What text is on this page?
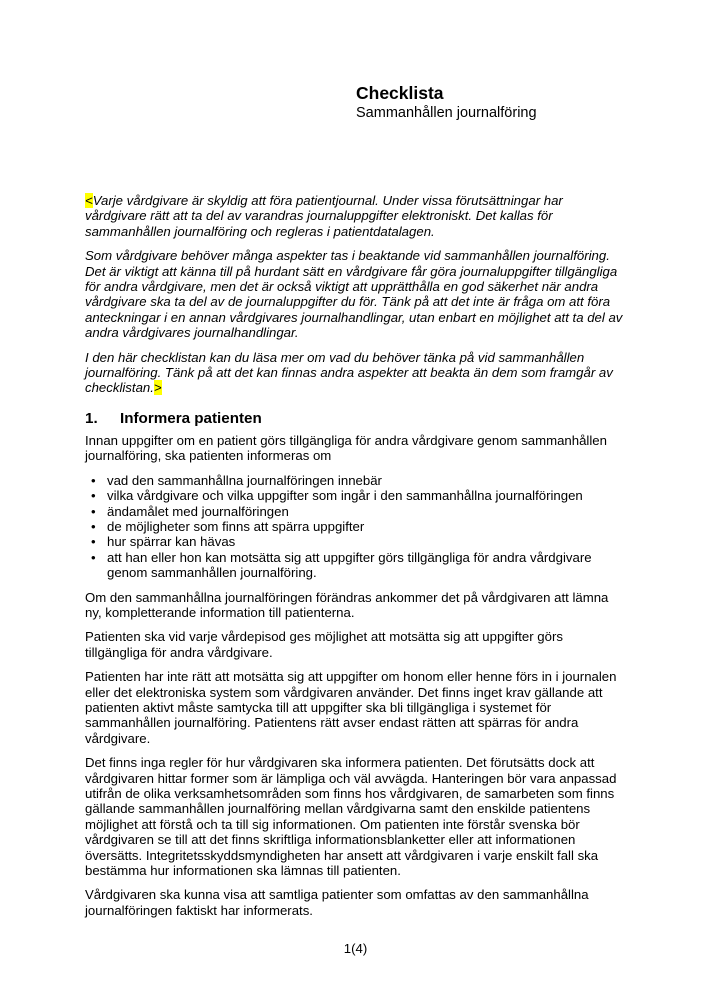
Checklista
Sammanhållen journalföring

<Varje vårdgivare är skyldig att föra patientjournal. Under vissa förutsättningar har vårdgivare rätt att ta del av varandras journaluppgifter elektroniskt. Det kallas för sammanhållen journalföring och regleras i patientdatalagen.

Som vårdgivare behöver många aspekter tas i beaktande vid sammanhållen journalföring. Det är viktigt att känna till på hurdant sätt en vårdgivare får göra journaluppgifter tillgängliga för andra vårdgivare, men det är också viktigt att upprätthålla en god säkerhet när andra vårdgivare ska ta del av de journaluppgifter du för. Tänk på att det inte är fråga om att föra anteckningar i en annan vårdgivares journalhandlingar, utan enbart en möjlighet att ta del av andra vårdgivares journalhandlingar.

I den här checklistan kan du läsa mer om vad du behöver tänka på vid sammanhållen journalföring. Tänk på att det kan finnas andra aspekter att beakta än dem som framgår av checklistan.>

1.	Informera patienten

Innan uppgifter om en patient görs tillgängliga för andra vårdgivare genom sammanhållen journalföring, ska patienten informeras om

• vad den sammanhållna journalföringen innebär
• vilka vårdgivare och vilka uppgifter som ingår i den sammanhållna journalföringen
• ändamålet med journalföringen
• de möjligheter som finns att spärra uppgifter
• hur spärrar kan hävas
• att han eller hon kan motsätta sig att uppgifter görs tillgängliga för andra vårdgivare genom sammanhållen journalföring.

Om den sammanhållna journalföringen förändras ankommer det på vårdgivaren att lämna ny, kompletterande information till patienterna.

Patienten ska vid varje vårdepisod ges möjlighet att motsätta sig att uppgifter görs tillgängliga för andra vårdgivare.

Patienten har inte rätt att motsätta sig att uppgifter om honom eller henne förs in i journalen eller det elektroniska system som vårdgivaren använder. Det finns inget krav gällande att patienten aktivt måste samtycka till att uppgifter ska bli tillgängliga i systemet för sammanhållen journalföring. Patientens rätt avser endast rätten att spärras för andra vårdgivare.

Det finns inga regler för hur vårdgivaren ska informera patienten. Det förutsätts dock att vårdgivaren hittar former som är lämpliga och väl avvägda. Hanteringen bör vara anpassad utifrån de olika verksamhetsområden som finns hos vårdgivaren, de samarbeten som finns gällande sammanhållen journalföring mellan vårdgivarna samt den enskilde patientens möjlighet att förstå och ta till sig informationen. Om patienten inte förstår svenska bör vårdgivaren se till att det finns skriftliga informationsblanketter eller att informationen översätts. Integritetsskyddsmyndigheten har ansett att vårdgivaren i varje enskilt fall ska bestämma hur informationen ska lämnas till patienten.

Vårdgivaren ska kunna visa att samtliga patienter som omfattas av den sammanhållna journalföringen faktiskt har informerats.

1(4)
